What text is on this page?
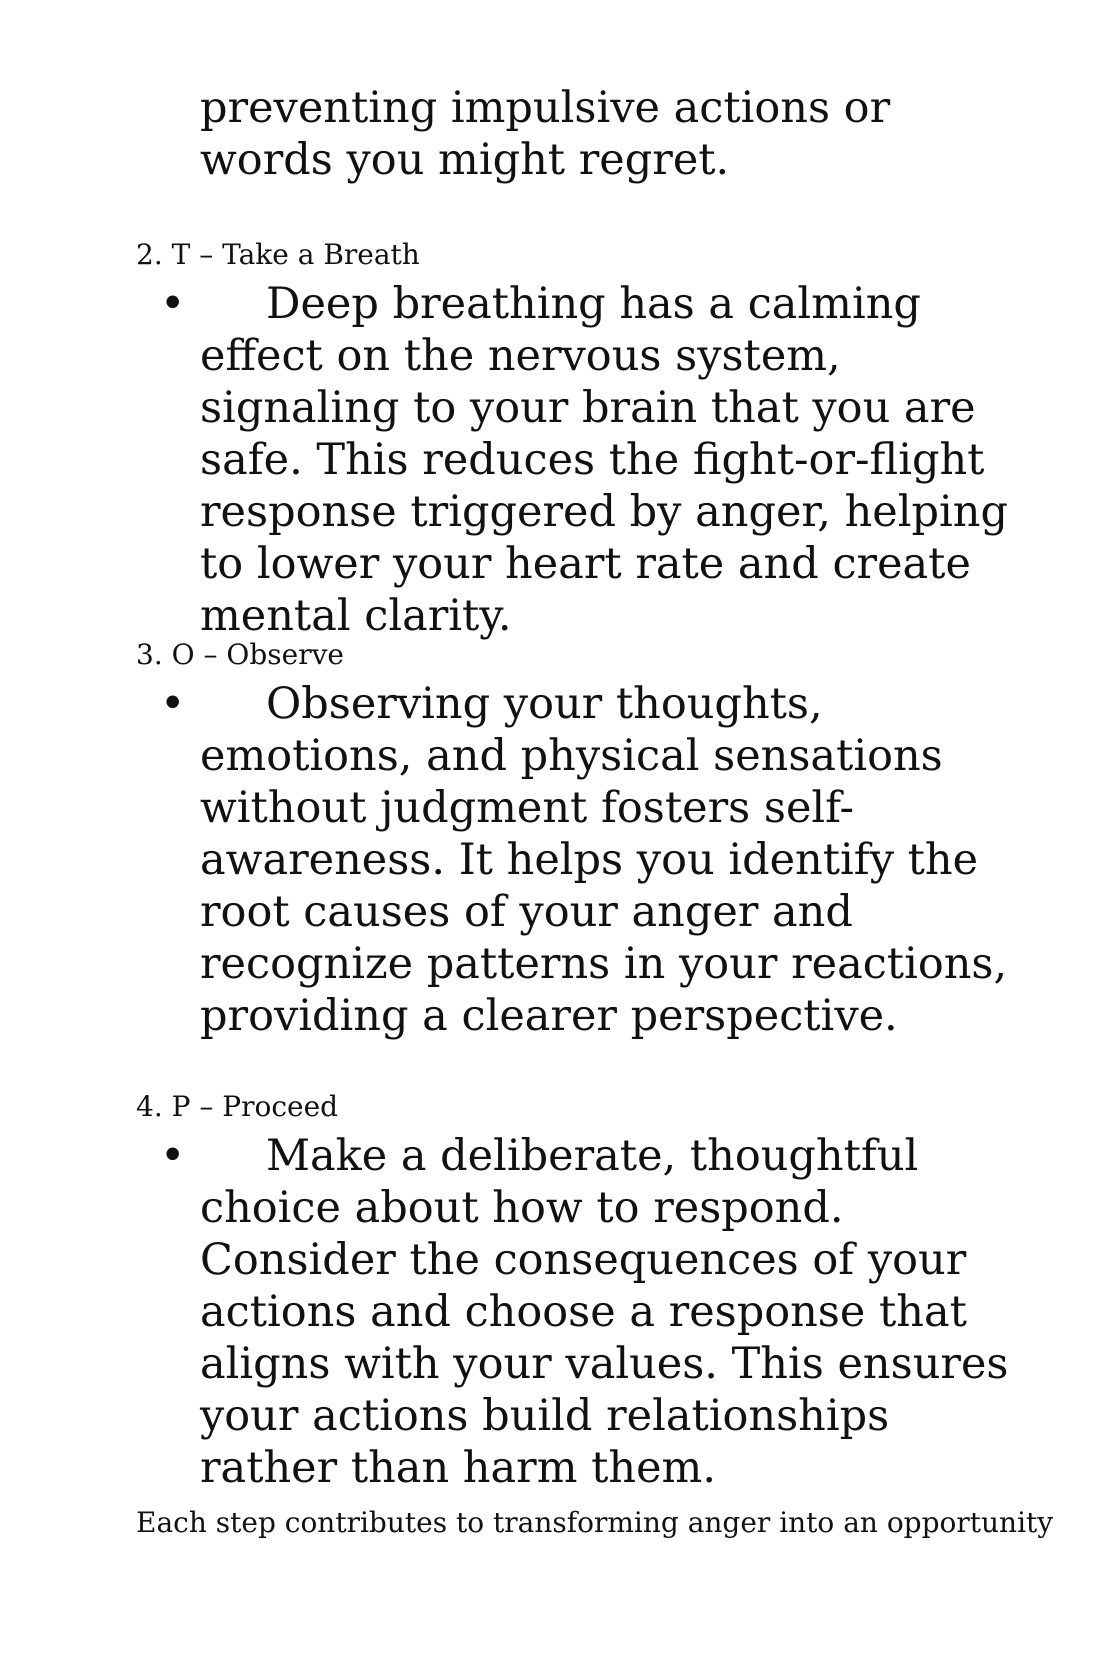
preventing impulsive actions or words you might regret.
2. T – Take a Breath
•	Deep breathing has a calming effect on the nervous system, signaling to your brain that you are safe. This reduces the fight-or-flight response triggered by anger, helping to lower your heart rate and create mental clarity.
3. O – Observe
•	Observing your thoughts, emotions, and physical sensations without judgment fosters self-awareness. It helps you identify the root causes of your anger and recognize patterns in your reactions, providing a clearer perspective.
4. P – Proceed
•	Make a deliberate, thoughtful choice about how to respond. Consider the consequences of your actions and choose a response that aligns with your values. This ensures your actions build relationships rather than harm them.
Each step contributes to transforming anger into an opportunity
